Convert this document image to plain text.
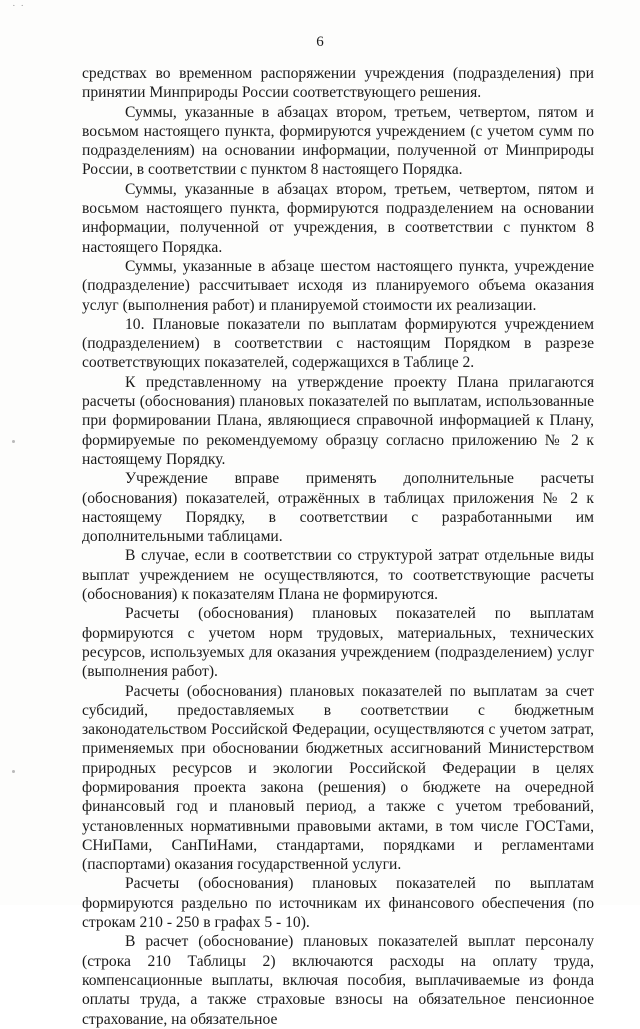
˙ ˙
6

средствах во временном распоряжении учреждения (подразделения) при принятии Минприроды России соответствующего решения.

Суммы, указанные в абзацах втором, третьем, четвертом, пятом и восьмом настоящего пункта, формируются учреждением (с учетом сумм по подразделениям) на основании информации, полученной от Минприроды России, в соответствии с пунктом 8 настоящего Порядка.

Суммы, указанные в абзацах втором, третьем, четвертом, пятом и восьмом настоящего пункта, формируются подразделением на основании информации, полученной от учреждения, в соответствии с пунктом 8 настоящего Порядка.

Суммы, указанные в абзаце шестом настоящего пункта, учреждение (подразделение) рассчитывает исходя из планируемого объема оказания услуг (выполнения работ) и планируемой стоимости их реализации.

10. Плановые показатели по выплатам формируются учреждением (подразделением) в соответствии с настоящим Порядком в разрезе соответствующих показателей, содержащихся в Таблице 2.

К представленному на утверждение проекту Плана прилагаются расчеты (обоснования) плановых показателей по выплатам, использованные при формировании Плана, являющиеся справочной информацией к Плану, формируемые по рекомендуемому образцу согласно приложению № 2 к настоящему Порядку.

Учреждение вправе применять дополнительные расчеты (обоснования) показателей, отражённых в таблицах приложения № 2 к настоящему Порядку, в соответствии с разработанными им дополнительными таблицами.

В случае, если в соответствии со структурой затрат отдельные виды выплат учреждением не осуществляются, то соответствующие расчеты (обоснования) к показателям Плана не формируются.

Расчеты (обоснования) плановых показателей по выплатам формируются с учетом норм трудовых, материальных, технических ресурсов, используемых для оказания учреждением (подразделением) услуг (выполнения работ).

Расчеты (обоснования) плановых показателей по выплатам за счет субсидий, предоставляемых в соответствии с бюджетным законодательством Российской Федерации, осуществляются с учетом затрат, применяемых при обосновании бюджетных ассигнований Министерством природных ресурсов и экологии Российской Федерации в целях формирования проекта закона (решения) о бюджете на очередной финансовый год и плановый период, а также с учетом требований, установленных нормативными правовыми актами, в том числе ГОСТами, СНиПами, СанПиНами, стандартами, порядками и регламентами (паспортами) оказания государственной услуги.

Расчеты (обоснования) плановых показателей по выплатам формируются раздельно по источникам их финансового обеспечения (по строкам 210 - 250 в графах 5 - 10).

В расчет (обоснование) плановых показателей выплат персоналу (строка 210 Таблицы 2) включаются расходы на оплату труда, компенсационные выплаты, включая пособия, выплачиваемые из фонда оплаты труда, а также страховые взносы на обязательное пенсионное страхование, на обязательное
